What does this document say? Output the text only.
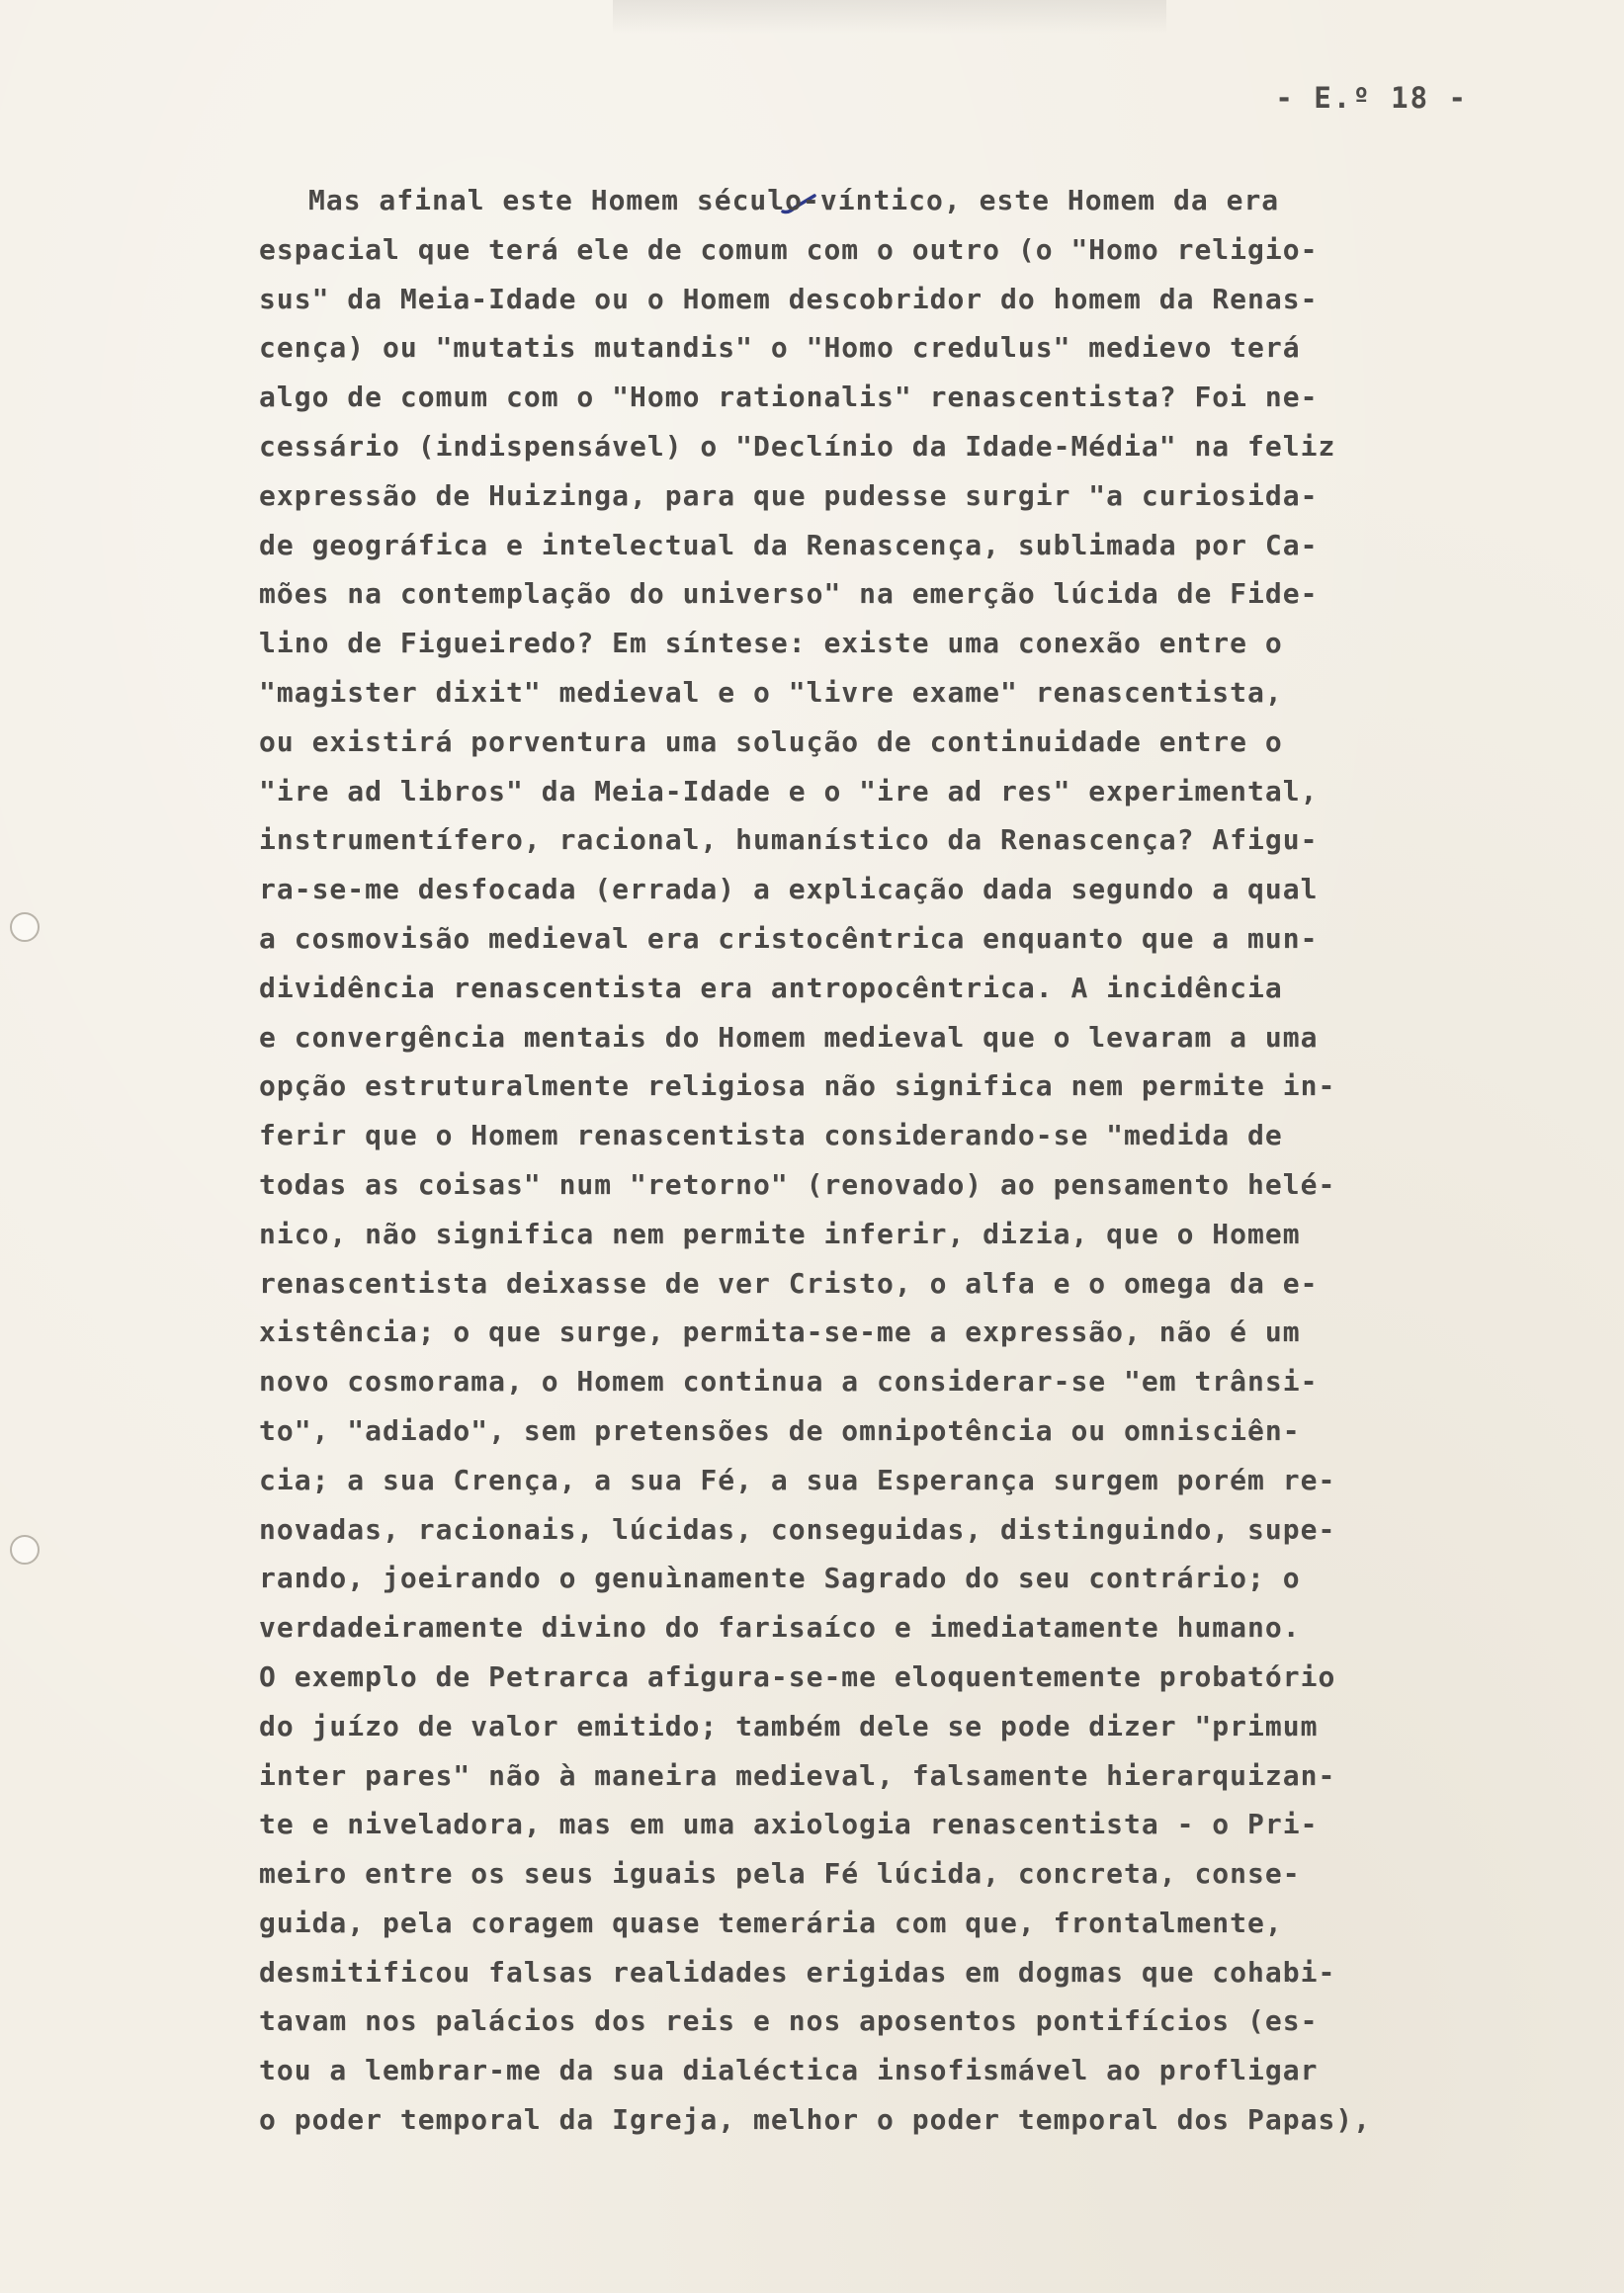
- E.º 18 -
Mas afinal este Homem século-víntico, este Homem da era
espacial que terá ele de comum com o outro (o "Homo religio-
sus" da Meia-Idade ou o Homem descobridor do homem da Renas-
cença) ou "mutatis mutandis" o "Homo credulus" medievo terá
algo de comum com o "Homo rationalis" renascentista? Foi ne-
cessário (indispensável) o "Declínio da Idade-Média" na feliz
expressão de Huizinga, para que pudesse surgir "a curiosida-
de geográfica e intelectual da Renascença, sublimada por Ca-
mões na contemplação do universo" na emerção lúcida de Fide-
lino de Figueiredo? Em síntese: existe uma conexão entre o
"magister dixit" medieval e o "livre exame" renascentista,
ou existirá porventura uma solução de continuidade entre o
"ire ad libros" da Meia-Idade e o "ire ad res" experimental,
instrumentífero, racional, humanístico da Renascença? Afigu-
ra-se-me desfocada (errada) a explicação dada segundo a qual
a cosmovisão medieval era cristocêntrica enquanto que a mun-
dividência renascentista era antropocêntrica. A incidência
e convergência mentais do Homem medieval que o levaram a uma
opção estruturalmente religiosa não significa nem permite in-
ferir que o Homem renascentista considerando-se "medida de
todas as coisas" num "retorno" (renovado) ao pensamento helé-
nico, não significa nem permite inferir, dizia, que o Homem
renascentista deixasse de ver Cristo, o alfa e o omega da e-
xistência; o que surge, permita-se-me a expressão, não é um
novo cosmorama, o Homem continua a considerar-se "em trânsi-
to", "adiado", sem pretensões de omnipotência ou omnisciên-
cia; a sua Crença, a sua Fé, a sua Esperança surgem porém re-
novadas, racionais, lúcidas, conseguidas, distinguindo, supe-
rando, joeirando o genuìnamente Sagrado do seu contrário; o
verdadeiramente divino do farisaíco e imediatamente humano.
O exemplo de Petrarca afigura-se-me eloquentemente probatório
do juízo de valor emitido; também dele se pode dizer "primum
inter pares" não à maneira medieval, falsamente hierarquizan-
te e niveladora, mas em uma axiologia renascentista - o Pri-
meiro entre os seus iguais pela Fé lúcida, concreta, conse-
guida, pela coragem quase temerária com que, frontalmente,
desmitificou falsas realidades erigidas em dogmas que cohabi-
tavam nos palácios dos reis e nos aposentos pontifícios (es-
tou a lembrar-me da sua dialéctica insofismável ao profligar
o poder temporal da Igreja, melhor o poder temporal dos Papas),
